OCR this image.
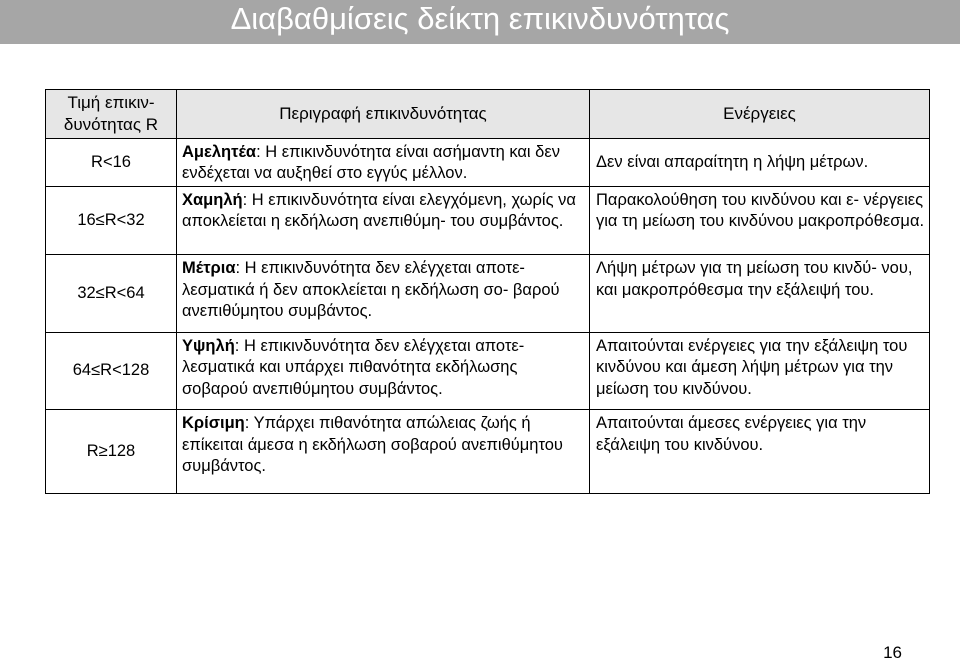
Διαβαθμίσεις δείκτη επικινδυνότητας
Τιμή επικιν- δυνότητας R	Περιγραφή επικινδυνότητας	Ενέργειες
R<16	Αμελητέα: Η επικινδυνότητα είναι ασήμαντη και δεν ενδέχεται να αυξηθεί στο εγγύς μέλλον.	Δεν είναι απαραίτητη η λήψη μέτρων.
16≤R<32	Χαμηλή: Η επικινδυνότητα είναι ελεγχόμενη, χωρίς να αποκλείεται η εκδήλωση ανεπιθύμη- του συμβάντος.	Παρακολούθηση του κινδύνου και ε- νέργειες για τη μείωση του κινδύνου μακροπρόθεσμα.
32≤R<64	Μέτρια: Η επικινδυνότητα δεν ελέγχεται αποτε- λεσματικά ή δεν αποκλείεται η εκδήλωση σο- βαρού ανεπιθύμητου συμβάντος.	Λήψη μέτρων για τη μείωση του κινδύ- νου, και μακροπρόθεσμα την εξάλειψή του.
64≤R<128	Υψηλή: Η επικινδυνότητα δεν ελέγχεται αποτε- λεσματικά και υπάρχει πιθανότητα εκδήλωσης σοβαρού ανεπιθύμητου συμβάντος.	Απαιτούνται ενέργειες για την εξάλειψη του κινδύνου και άμεση λήψη μέτρων για την μείωση του κινδύνου.
R≥128	Κρίσιμη: Υπάρχει πιθανότητα απώλειας ζωής ή επίκειται άμεσα η εκδήλωση σοβαρού ανεπιθύμητου συμβάντος.	Απαιτούνται άμεσες ενέργειες για την εξάλειψη του κινδύνου.
16
